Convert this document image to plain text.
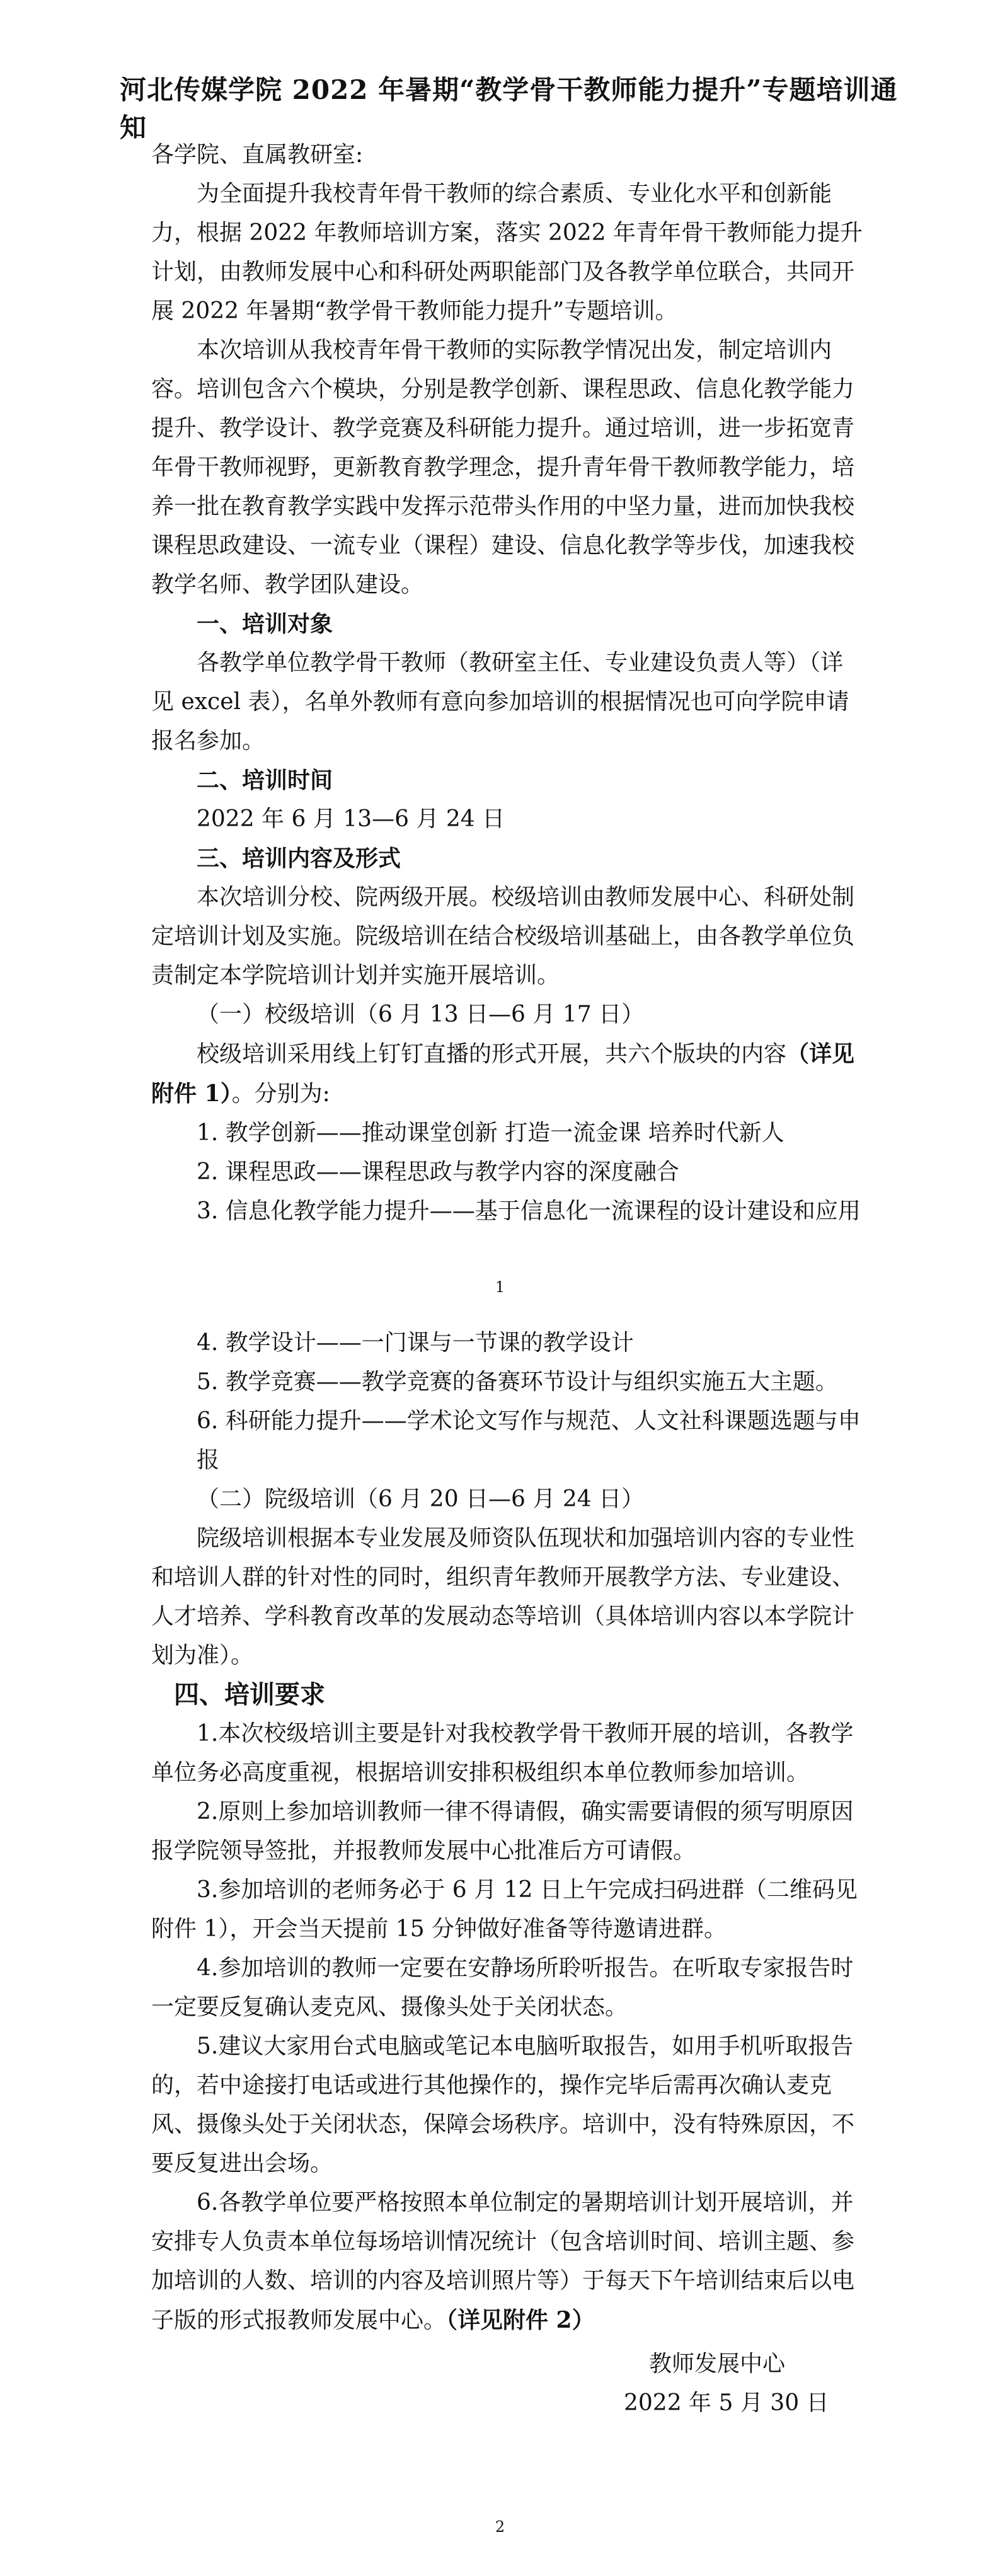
河北传媒学院 2022 年暑期“教学骨干教师能力提升”专题培训通知

各学院、直属教研室:

为全面提升我校青年骨干教师的综合素质、专业化水平和创新能力，根据 2022 年教师培训方案，落实 2022 年青年骨干教师能力提升计划，由教师发展中心和科研处两职能部门及各教学单位联合，共同开展 2022 年暑期“教学骨干教师能力提升”专题培训。

本次培训从我校青年骨干教师的实际教学情况出发，制定培训内容。培训包含六个模块，分别是教学创新、课程思政、信息化教学能力提升、教学设计、教学竞赛及科研能力提升。通过培训，进一步拓宽青年骨干教师视野，更新教育教学理念，提升青年骨干教师教学能力，培养一批在教育教学实践中发挥示范带头作用的中坚力量，进而加快我校课程思政建设、一流专业（课程）建设、信息化教学等步伐，加速我校教学名师、教学团队建设。

一、培训对象

各教学单位教学骨干教师（教研室主任、专业建设负责人等）（详见 excel 表），名单外教师有意向参加培训的根据情况也可向学院申请报名参加。

二、培训时间

2022 年 6 月 13—6 月 24 日

三、培训内容及形式

本次培训分校、院两级开展。校级培训由教师发展中心、科研处制定培训计划及实施。院级培训在结合校级培训基础上，由各教学单位负责制定本学院培训计划并实施开展培训。

（一）校级培训（6 月 13 日—6 月 17 日）

校级培训采用线上钉钉直播的形式开展，共六个版块的内容（详见附件 1）。分别为:

1. 教学创新——推动课堂创新 打造一流金课 培养时代新人

2. 课程思政——课程思政与教学内容的深度融合

3. 信息化教学能力提升——基于信息化一流课程的设计建设和应用

1

4. 教学设计——一门课与一节课的教学设计

5. 教学竞赛——教学竞赛的备赛环节设计与组织实施五大主题。

6. 科研能力提升——学术论文写作与规范、人文社科课题选题与申报

（二）院级培训（6 月 20 日—6 月 24 日）

院级培训根据本专业发展及师资队伍现状和加强培训内容的专业性和培训人群的针对性的同时，组织青年教师开展教学方法、专业建设、人才培养、学科教育改革的发展动态等培训（具体培训内容以本学院计划为准）。

四、培训要求

1.本次校级培训主要是针对我校教学骨干教师开展的培训，各教学单位务必高度重视，根据培训安排积极组织本单位教师参加培训。

2.原则上参加培训教师一律不得请假，确实需要请假的须写明原因报学院领导签批，并报教师发展中心批准后方可请假。

3.参加培训的老师务必于 6 月 12 日上午完成扫码进群（二维码见附件 1），开会当天提前 15 分钟做好准备等待邀请进群。

4.参加培训的教师一定要在安静场所聆听报告。在听取专家报告时一定要反复确认麦克风、摄像头处于关闭状态。

5.建议大家用台式电脑或笔记本电脑听取报告，如用手机听取报告的，若中途接打电话或进行其他操作的，操作完毕后需再次确认麦克风、摄像头处于关闭状态，保障会场秩序。培训中，没有特殊原因，不要反复进出会场。

6.各教学单位要严格按照本单位制定的暑期培训计划开展培训，并安排专人负责本单位每场培训情况统计（包含培训时间、培训主题、参加培训的人数、培训的内容及培训照片等）于每天下午培训结束后以电子版的形式报教师发展中心。（详见附件 2）

教师发展中心

2022 年 5 月 30 日

2
